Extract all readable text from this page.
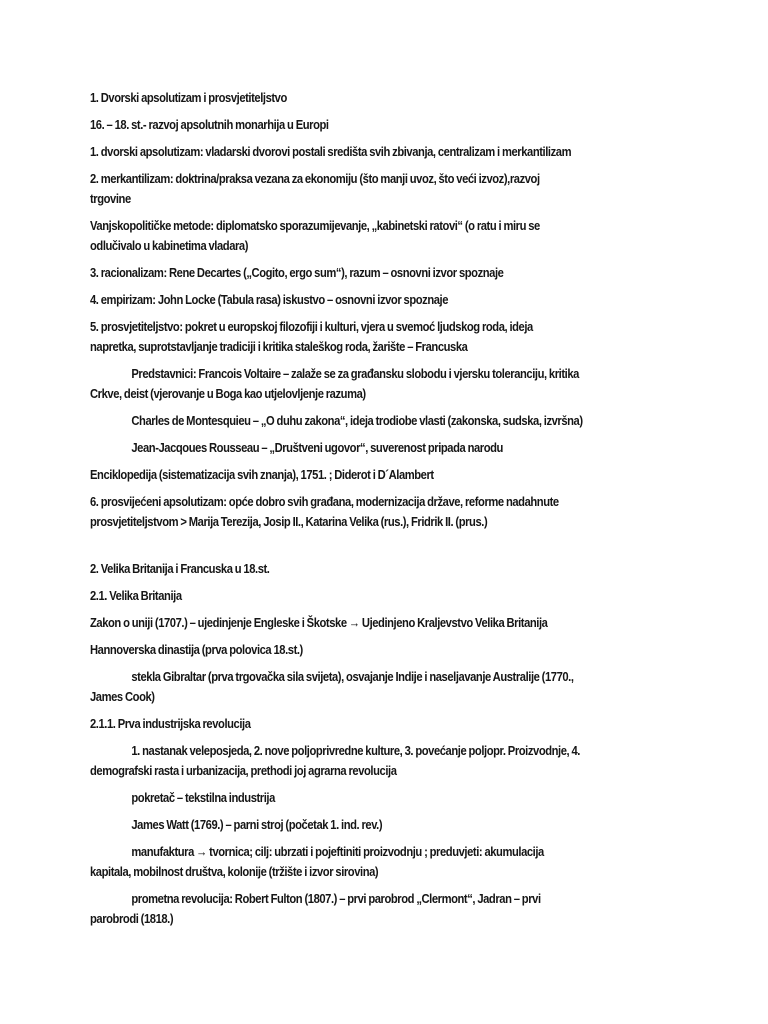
1. Dvorski apsolutizam i prosvjetiteljstvo
16. – 18. st.- razvoj apsolutnih monarhija u Europi
1. dvorski apsolutizam: vladarski dvorovi postali središta svih zbivanja, centralizam i merkantilizam
2. merkantilizam: doktrina/praksa vezana za ekonomiju (što manji uvoz, što veći izvoz),razvoj
trgovine
Vanjskopolitičke metode: diplomatsko sporazumijevanje, „kabinetski ratovi“ (o ratu i miru se
odlučivalo u kabinetima vladara)
3. racionalizam: Rene Decartes („Cogito, ergo sum“), razum – osnovni izvor spoznaje
4. empirizam: John Locke (Tabula rasa) iskustvo – osnovni izvor spoznaje
5. prosvjetiteljstvo: pokret u europskoj filozofiji i kulturi, vjera u svemoć ljudskog roda, ideja
napretka, suprotstavljanje tradiciji i kritika staleškog roda, žarište – Francuska
Predstavnici: Francois Voltaire – zalaže se za građansku slobodu i vjersku toleranciju, kritika
Crkve, deist (vjerovanje u Boga kao utjelovljenje razuma)
Charles de Montesquieu – „O duhu zakona“, ideja trodiobe vlasti (zakonska, sudska, izvršna)
Jean-Jacqoues Rousseau – „Društveni ugovor“, suverenost pripada narodu
Enciklopedija (sistematizacija svih znanja), 1751. ; Diderot i D´Alambert
6. prosvijećeni apsolutizam: opće dobro svih građana, modernizacija države, reforme nadahnute
prosvjetiteljstvom > Marija Terezija, Josip II., Katarina Velika (rus.), Fridrik II. (prus.)
2. Velika Britanija i Francuska u 18.st.
2.1. Velika Britanija
Zakon o uniji (1707.) – ujedinjenje Engleske i Škotske → Ujedinjeno Kraljevstvo Velika Britanija
Hannoverska dinastija (prva polovica 18.st.)
stekla Gibraltar (prva trgovačka sila svijeta), osvajanje Indije i naseljavanje Australije (1770.,
James Cook)
2.1.1. Prva industrijska revolucija
1. nastanak veleposjeda, 2. nove poljoprivredne kulture, 3. povećanje poljopr. Proizvodnje, 4.
demografski rasta i urbanizacija, prethodi joj agrarna revolucija
pokretač – tekstilna industrija
James Watt (1769.) – parni stroj (početak 1. ind. rev.)
manufaktura → tvornica; cilj: ubrzati i pojeftiniti proizvodnju ; preduvjeti: akumulacija
kapitala, mobilnost društva, kolonije (tržište i izvor sirovina)
prometna revolucija: Robert Fulton (1807.) – prvi parobrod „Clermont“, Jadran – prvi
parobrodi (1818.)
